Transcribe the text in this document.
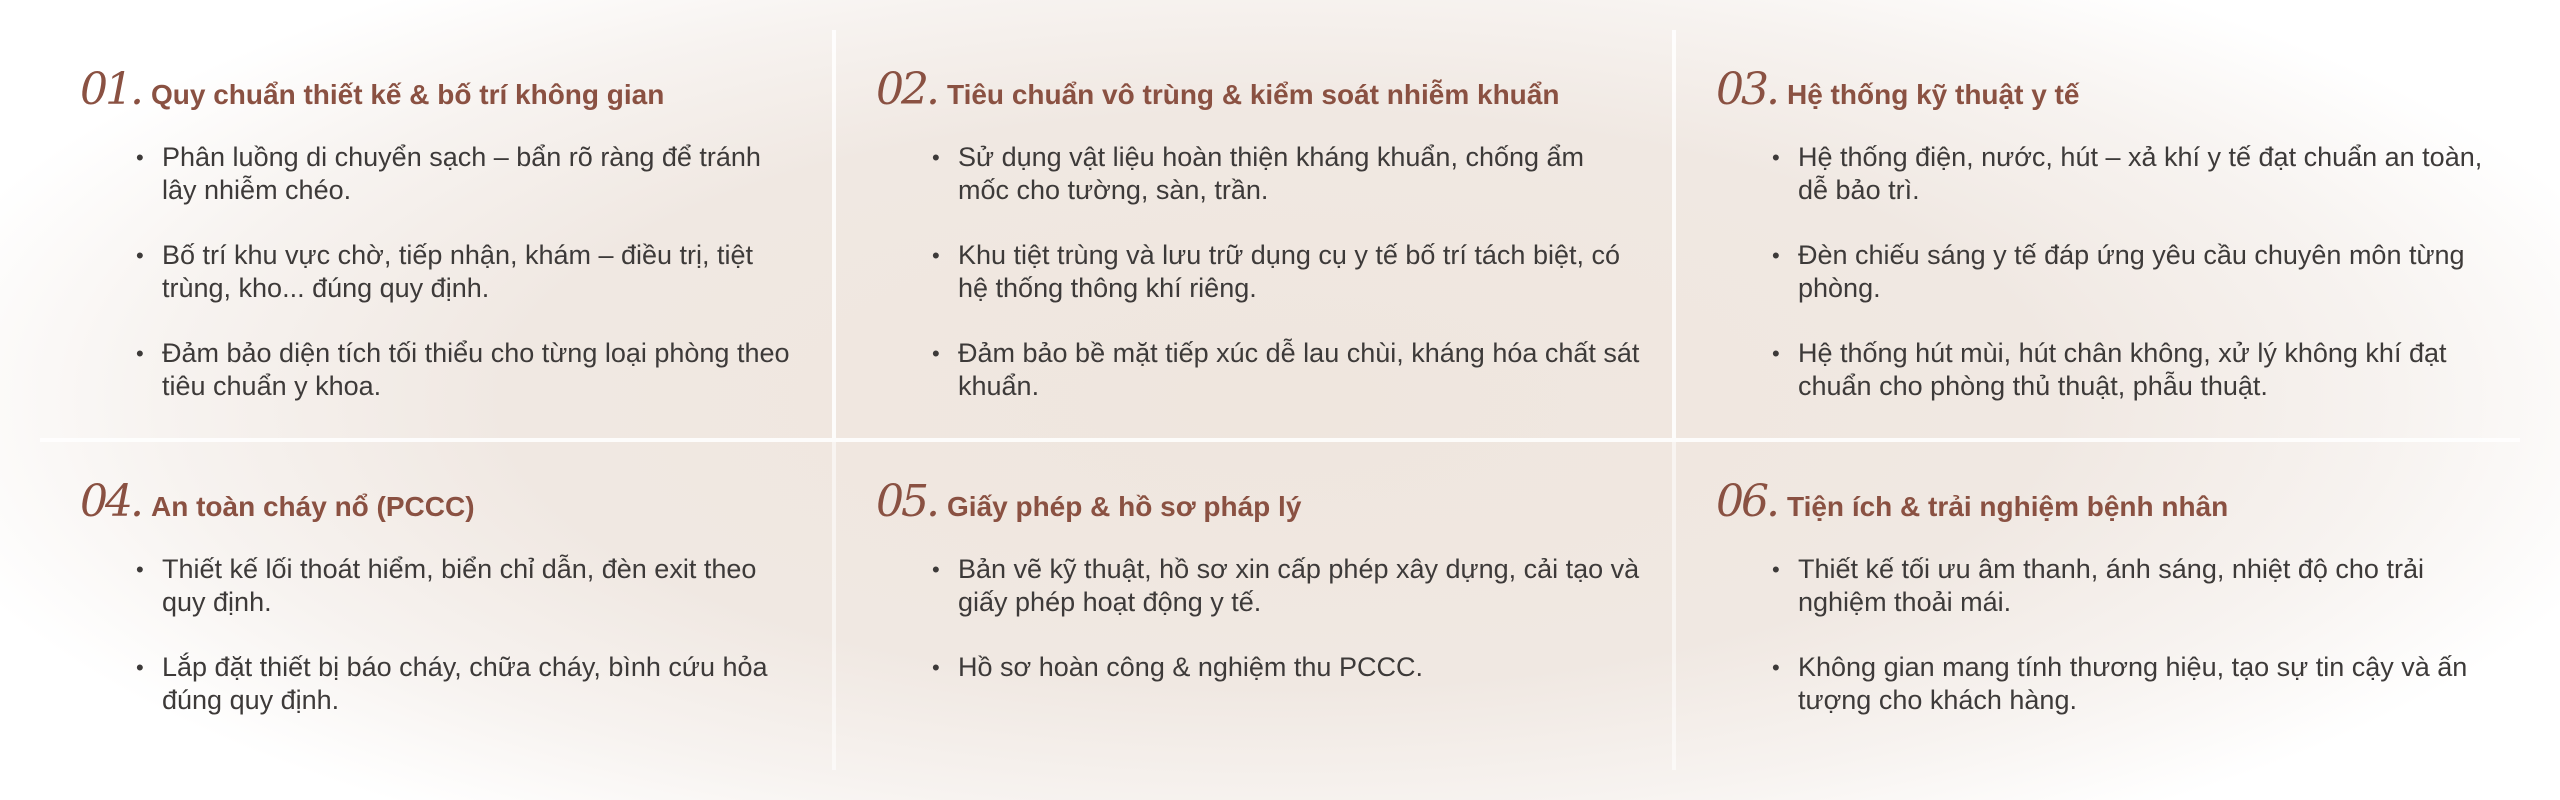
01. Quy chuẩn thiết kế & bố trí không gian
• Phân luồng di chuyển sạch – bẩn rõ ràng để tránh lây nhiễm chéo.
• Bố trí khu vực chờ, tiếp nhận, khám – điều trị, tiệt trùng, kho... đúng quy định.
• Đảm bảo diện tích tối thiểu cho từng loại phòng theo tiêu chuẩn y khoa.
02. Tiêu chuẩn vô trùng & kiểm soát nhiễm khuẩn
• Sử dụng vật liệu hoàn thiện kháng khuẩn, chống ẩm mốc cho tường, sàn, trần.
• Khu tiệt trùng và lưu trữ dụng cụ y tế bố trí tách biệt, có hệ thống thông khí riêng.
• Đảm bảo bề mặt tiếp xúc dễ lau chùi, kháng hóa chất sát khuẩn.
03. Hệ thống kỹ thuật y tế
• Hệ thống điện, nước, hút – xả khí y tế đạt chuẩn an toàn, dễ bảo trì.
• Đèn chiếu sáng y tế đáp ứng yêu cầu chuyên môn từng phòng.
• Hệ thống hút mùi, hút chân không, xử lý không khí đạt chuẩn cho phòng thủ thuật, phẫu thuật.
04. An toàn cháy nổ (PCCC)
• Thiết kế lối thoát hiểm, biển chỉ dẫn, đèn exit theo quy định.
• Lắp đặt thiết bị báo cháy, chữa cháy, bình cứu hỏa đúng quy định.
05. Giấy phép & hồ sơ pháp lý
• Bản vẽ kỹ thuật, hồ sơ xin cấp phép xây dựng, cải tạo và giấy phép hoạt động y tế.
• Hồ sơ hoàn công & nghiệm thu PCCC.
06. Tiện ích & trải nghiệm bệnh nhân
• Thiết kế tối ưu âm thanh, ánh sáng, nhiệt độ cho trải nghiệm thoải mái.
• Không gian mang tính thương hiệu, tạo sự tin cậy và ấn tượng cho khách hàng.
